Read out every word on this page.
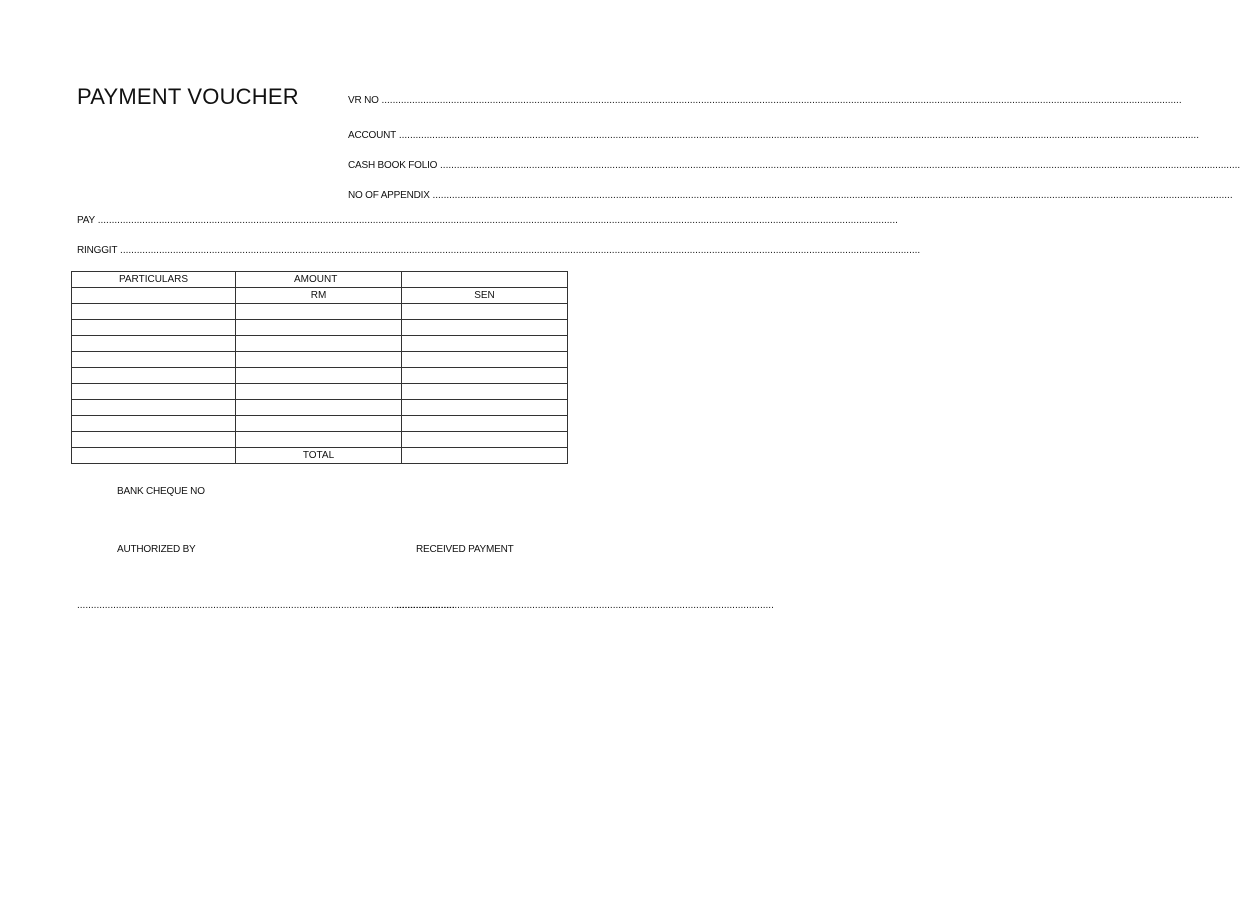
PAYMENT VOUCHER	VR NO .....
ACCOUNT .....
CASH BOOK FOLIO .....
NO OF APPENDIX .....
PAY .....
RINGGIT .....
PARTICULARS	AMOUNT	
	RM	SEN

	TOTAL	
BANK CHEQUE NO
AUTHORIZED BY	RECEIVED PAYMENT
........................................................................................................................................
........................................................................................................................................
